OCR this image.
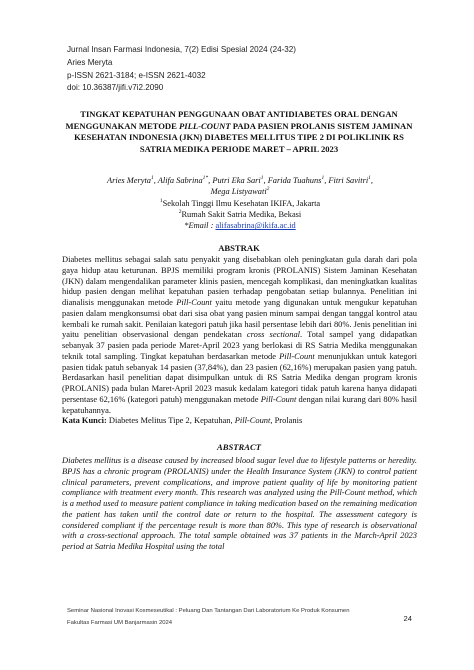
Jurnal Insan Farmasi Indonesia, 7(2) Edisi Spesial 2024 (24-32)
Aries Meryta
p-ISSN 2621-3184; e-ISSN 2621-4032
doi: 10.36387/jifi.v7i2.2090
TINGKAT KEPATUHAN PENGGUNAAN OBAT ANTIDIABETES ORAL DENGAN MENGGUNAKAN METODE PILL-COUNT PADA PASIEN PROLANIS SISTEM JAMINAN KESEHATAN INDONESIA (JKN) DIABETES MELLITUS TIPE 2 DI POLIKLINIK RS SATRIA MEDIKA PERIODE MARET – APRIL 2023
Aries Meryta$^1$, Alifa Sabrina$^{1*}$, Putri Eka Sari$^1$, Farida Tuahuns$^1$, Fitri Savitri$^1$,
Mega Listyawati$^2$
$^1$Sekolah Tinggi Ilmu Kesehatan IKIFA, Jakarta
$^2$Rumah Sakit Satria Medika, Bekasi
*Email : alifasabrina@ikifa.ac.id
ABSTRAK
Diabetes mellitus sebagai salah satu penyakit yang disebabkan oleh peningkatan gula darah dari pola gaya hidup atau keturunan. BPJS memiliki program kronis (PROLANIS) Sistem Jaminan Kesehatan (JKN) dalam mengendalikan parameter klinis pasien, mencegah komplikasi, dan meningkatkan kualitas hidup pasien dengan melihat kepatuhan pasien terhadap pengobatan setiap bulannya. Penelitian ini dianalisis menggunakan metode Pill-Count yaitu metode yang digunakan untuk mengukur kepatuhan pasien dalam mengkonsumsi obat dari sisa obat yang pasien minum sampai dengan tanggal kontrol atau kembali ke rumah sakit. Penilaian kategori patuh jika hasil persentase lebih dari 80%. Jenis penelitian ini yaitu penelitian observasional dengan pendekatan cross sectional. Total sampel yang didapatkan sebanyak 37 pasien pada periode Maret-April 2023 yang berlokasi di RS Satria Medika menggunakan teknik total sampling. Tingkat kepatuhan berdasarkan metode Pill-Count menunjukkan untuk kategori pasien tidak patuh sebanyak 14 pasien (37,84%), dan 23 pasien (62,16%) merupakan pasien yang patuh. Berdasarkan hasil penelitian dapat disimpulkan untuk di RS Satria Medika dengan program kronis (PROLANIS) pada bulan Maret-April 2023 masuk kedalam kategori tidak patuh karena hanya didapati persentase 62,16% (kategori patuh) menggunakan metode Pill-Count dengan nilai kurang dari 80% hasil kepatuhannya.
Kata Kunci: Diabetes Melitus Tipe 2, Kepatuhan, Pill-Count, Prolanis
ABSTRACT
Diabetes mellitus is a disease caused by increased blood sugar level due to lifestyle patterns or heredity. BPJS has a chronic program (PROLANIS) under the Health Insurance System (JKN) to control patient clinical parameters, prevent complications, and improve patient quality of life by monitoring patient compliance with treatment every month. This research was analyzed using the Pill-Count method, which is a method used to measure patient compliance in taking medication based on the remaining medication the patient has taken until the control date or return to the hospital. The assessment category is considered compliant if the percentage result is more than 80%. This type of research is observational with a cross-sectional approach. The total sample obtained was 37 patients in the March-April 2023 period at Satria Medika Hospital using the total
Seminar Nasional Inovasi Kosmeseutikal : Peluang Dan Tantangan Dari Laboratorium Ke Produk Konsumen
Fakultas Farmasi UM Banjarmasin 2024	24
